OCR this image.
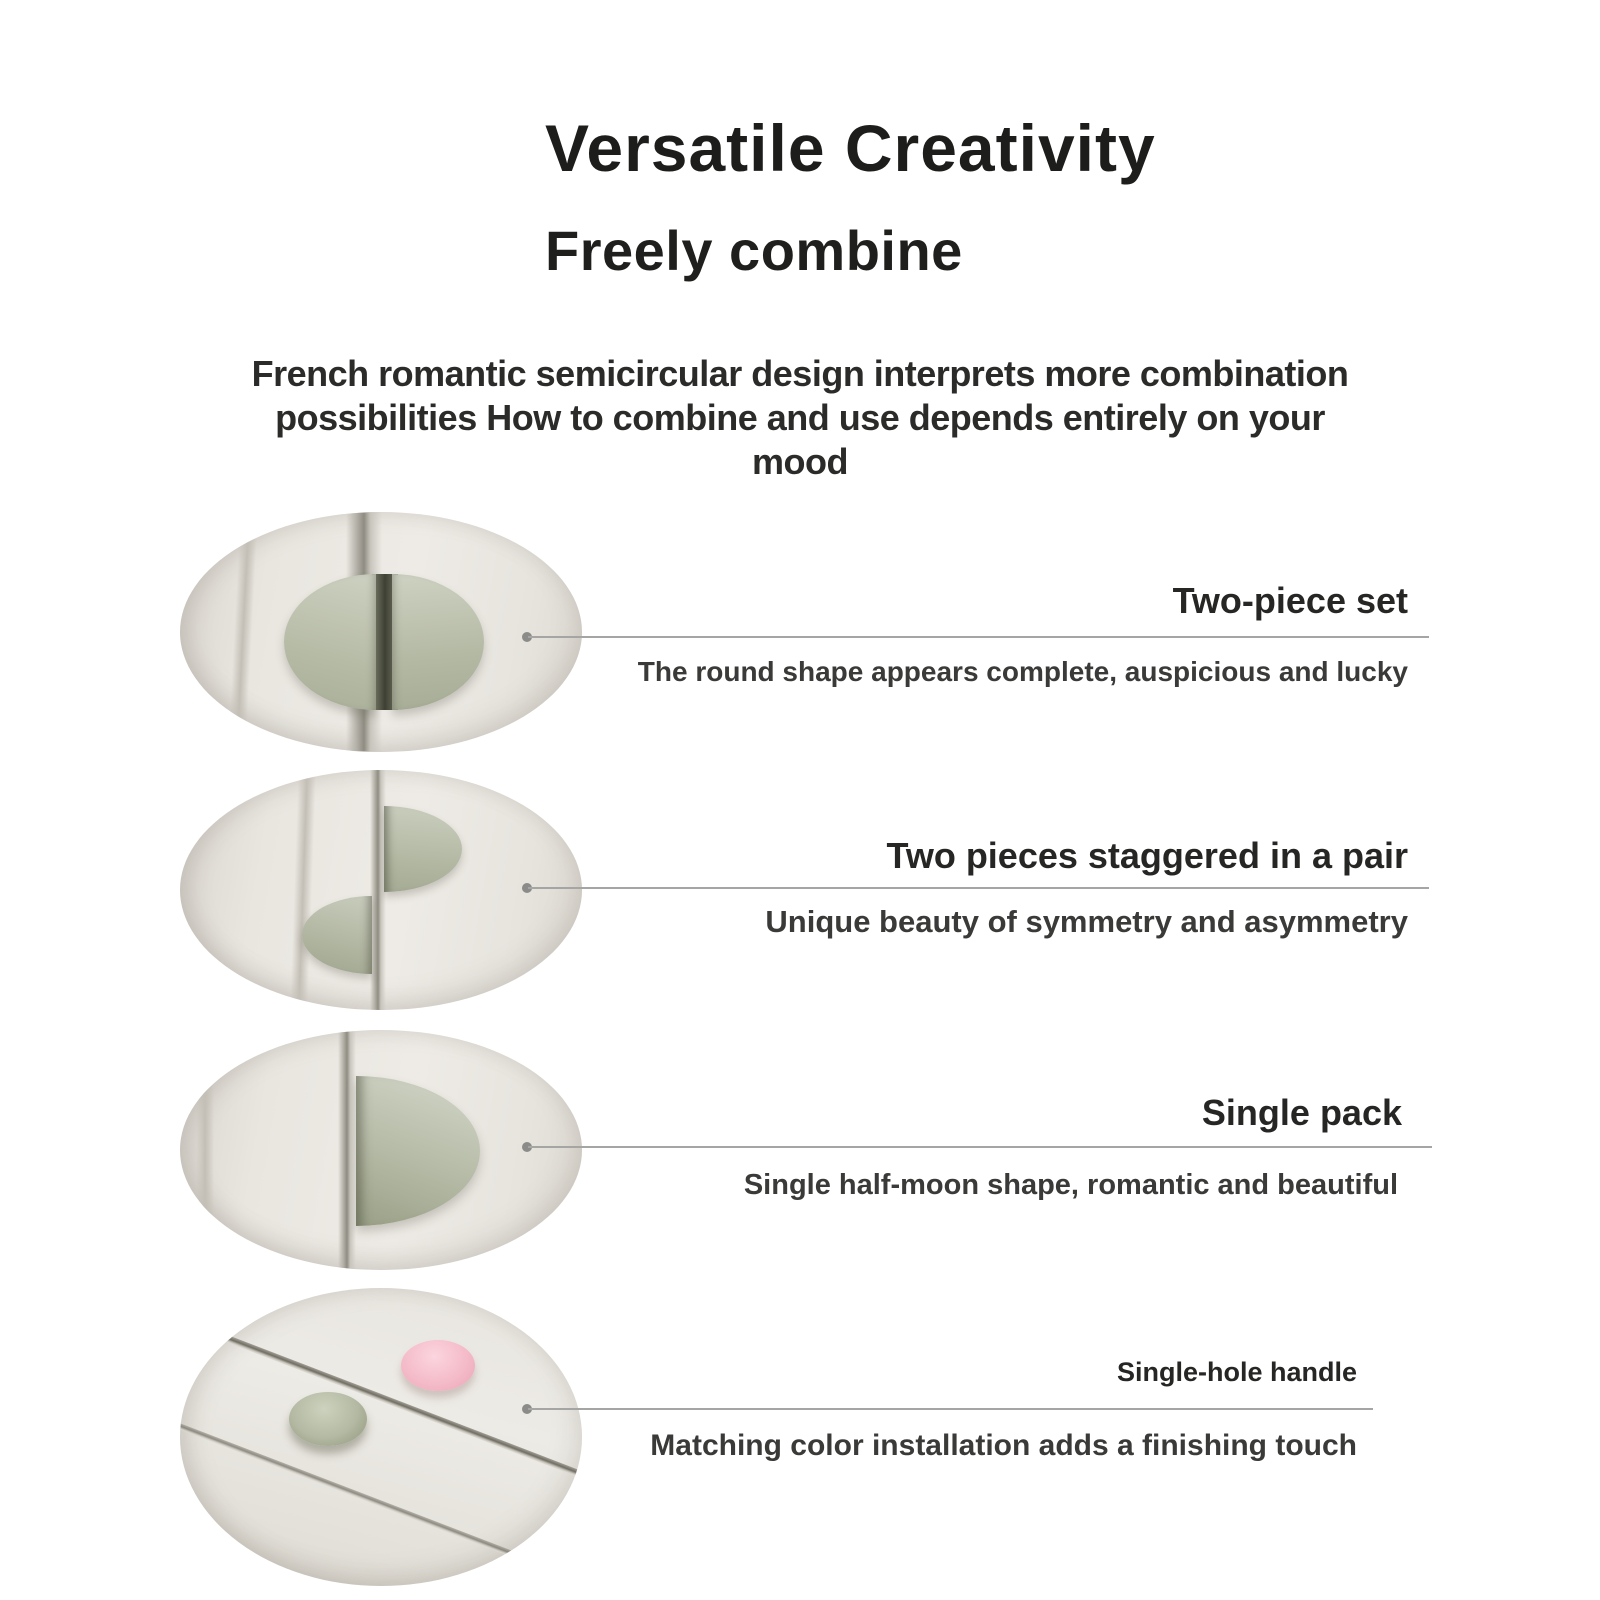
Versatile Creativity
Freely combine
French romantic semicircular design interprets more combination
possibilities How to combine and use depends entirely on your
mood
Two-piece set
The round shape appears complete, auspicious and lucky
Two pieces staggered in a pair
Unique beauty of symmetry and asymmetry
Single pack
Single half-moon shape, romantic and beautiful
Single-hole handle
Matching color installation adds a finishing touch
